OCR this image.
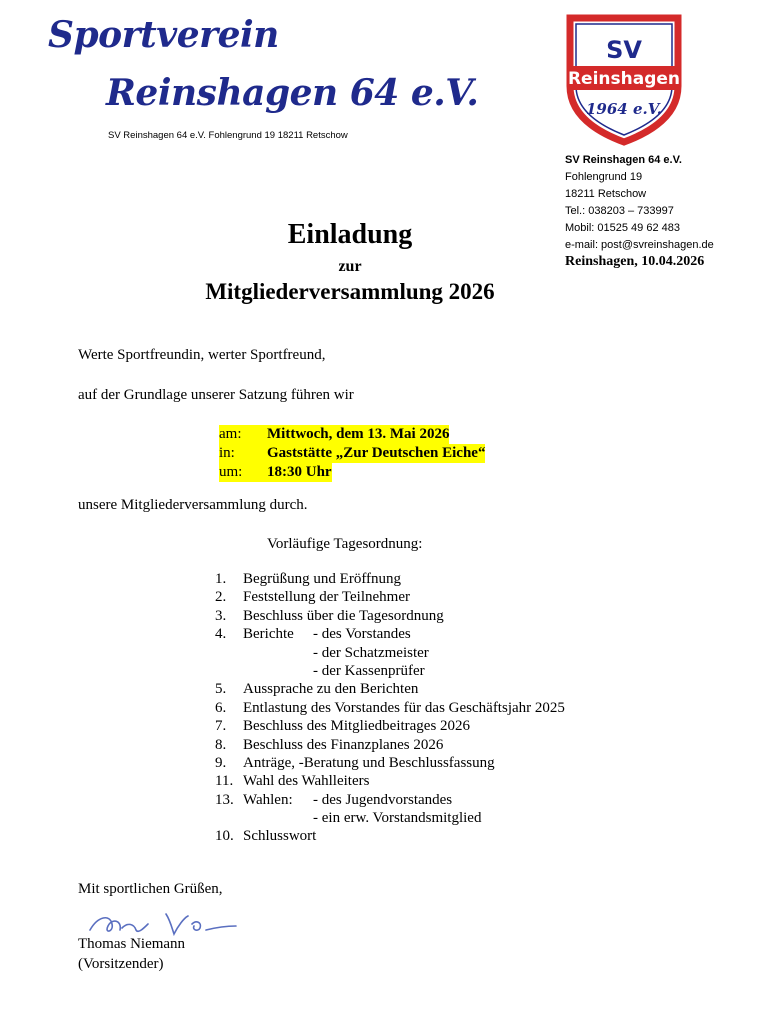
Sportverein
Reinshagen 64 e.V.
SV Reinshagen 64 e.V. Fohlengrund 19 18211 Retschow
SV
Reinshagen
1964 e.V.
SV Reinshagen 64 e.V.
Fohlengrund 19
18211 Retschow
Tel.: 038203 – 733997
Mobil: 01525 49 62 483
e-mail: post@svreinshagen.de
Reinshagen, 10.04.2026
Einladung
zur
Mitgliederversammlung 2026
Werte Sportfreundin, werter Sportfreund,
auf der Grundlage unserer Satzung führen wir
am:	Mittwoch, dem 13. Mai 2026
in:	Gaststätte „Zur Deutschen Eiche“
um:	18:30 Uhr
unsere Mitgliederversammlung durch.
Vorläufige Tagesordnung:
1.	Begrüßung und Eröffnung
2.	Feststellung der Teilnehmer
3.	Beschluss über die Tagesordnung
4.	Berichte - des Vorstandes
- der Schatzmeister
- der Kassenprüfer
5.	Aussprache zu den Berichten
6.	Entlastung des Vorstandes für das Geschäftsjahr 2025
7.	Beschluss des Mitgliedbeitrages 2026
8.	Beschluss des Finanzplanes 2026
9.	Anträge, -Beratung und Beschlussfassung
11. Wahl des Wahlleiters
13. Wahlen: - des Jugendvorstandes
- ein erw. Vorstandsmitglied
10. Schlusswort
Mit sportlichen Grüßen,
Thomas Niemann
(Vorsitzender)
